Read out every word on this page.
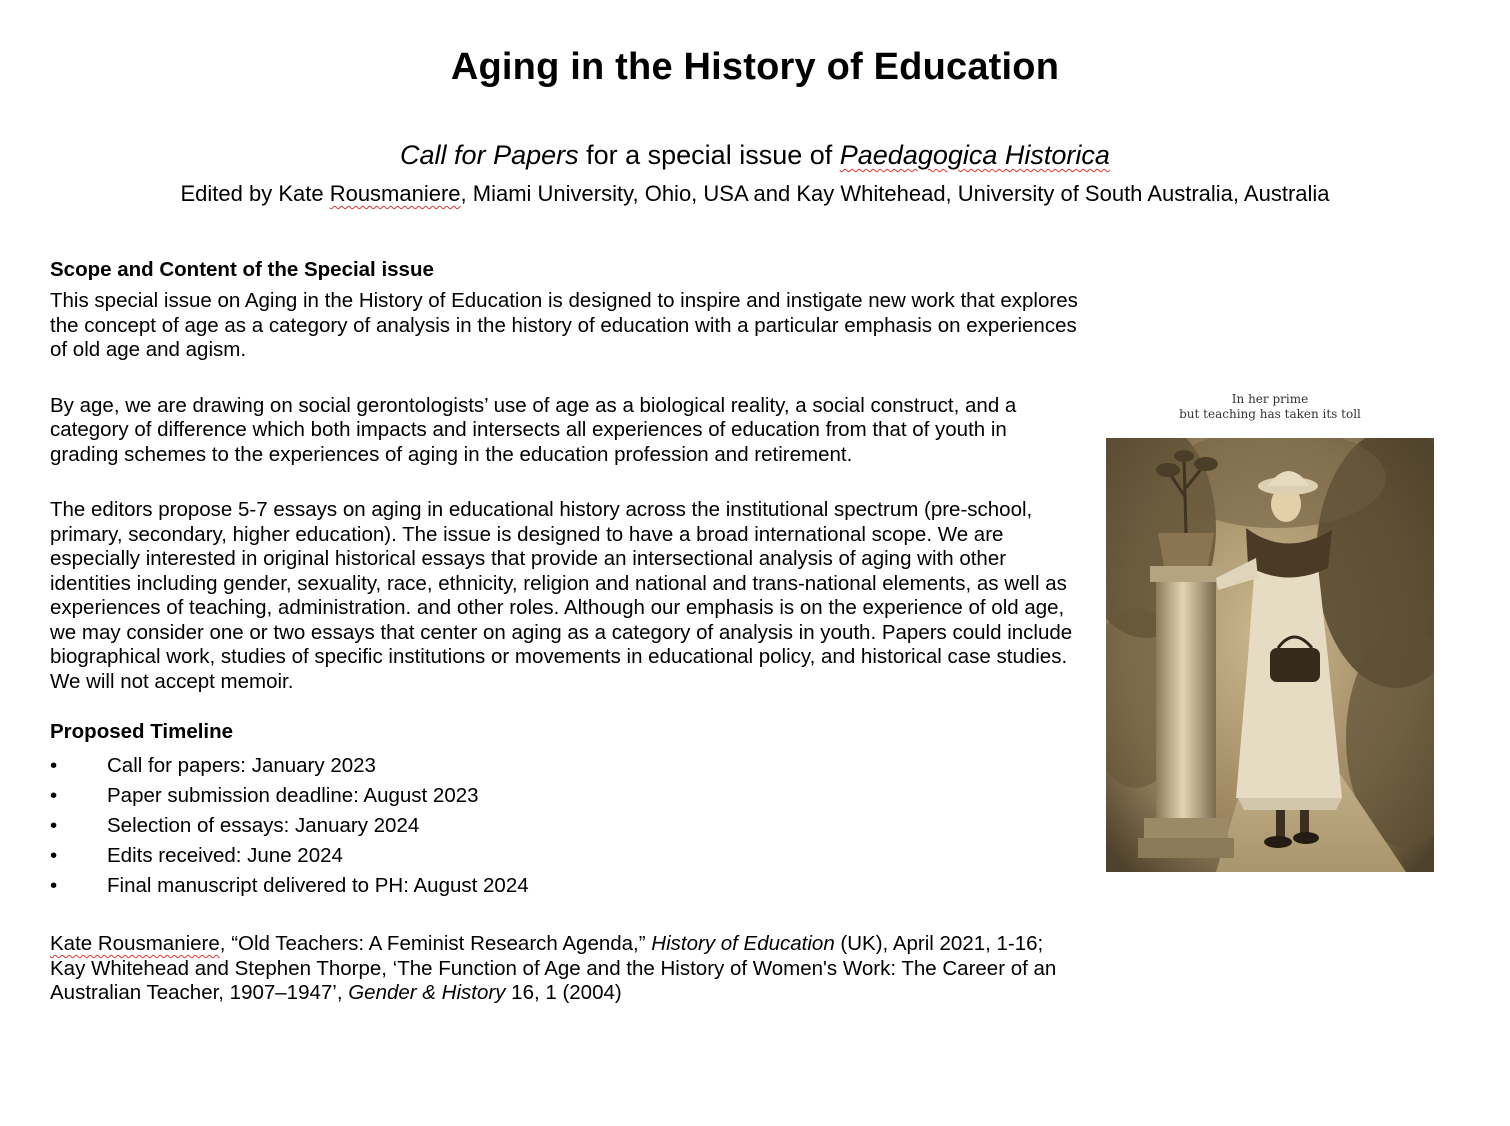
Aging in the History of Education

Call for Papers for a special issue of Paedagogica Historica

Edited by Kate Rousmaniere, Miami University, Ohio, USA and Kay Whitehead, University of South Australia, Australia

Scope and Content of the Special issue

This special issue on Aging in the History of Education is designed to inspire and instigate new work that explores the concept of age as a category of analysis in the history of education with a particular emphasis on experiences of old age and agism.

By age, we are drawing on social gerontologists’ use of age as a biological reality, a social construct, and a category of difference which both impacts and intersects all experiences of education from that of youth in grading schemes to the experiences of aging in the education profession and retirement.

The editors propose 5-7 essays on aging in educational history across the institutional spectrum (pre-school, primary, secondary, higher education). The issue is designed to have a broad international scope. We are especially interested in original historical essays that provide an intersectional analysis of aging with other identities including gender, sexuality, race, ethnicity, religion and national and trans-national elements, as well as experiences of teaching, administration. and other roles. Although our emphasis is on the experience of old age, we may consider one or two essays that center on aging as a category of analysis in youth. Papers could include biographical work, studies of specific institutions or movements in educational policy, and historical case studies. We will not accept memoir.

Proposed Timeline
• Call for papers: January 2023
• Paper submission deadline: August 2023
• Selection of essays: January 2024
• Edits received: June 2024
• Final manuscript delivered to PH: August 2024

Kate Rousmaniere, “Old Teachers: A Feminist Research Agenda,” History of Education (UK), April 2021, 1-16; Kay Whitehead and Stephen Thorpe, ‘The Function of Age and the History of Women's Work: The Career of an Australian Teacher, 1907–1947’, Gender & History 16, 1 (2004)

In her prime
but teaching has taken its toll
